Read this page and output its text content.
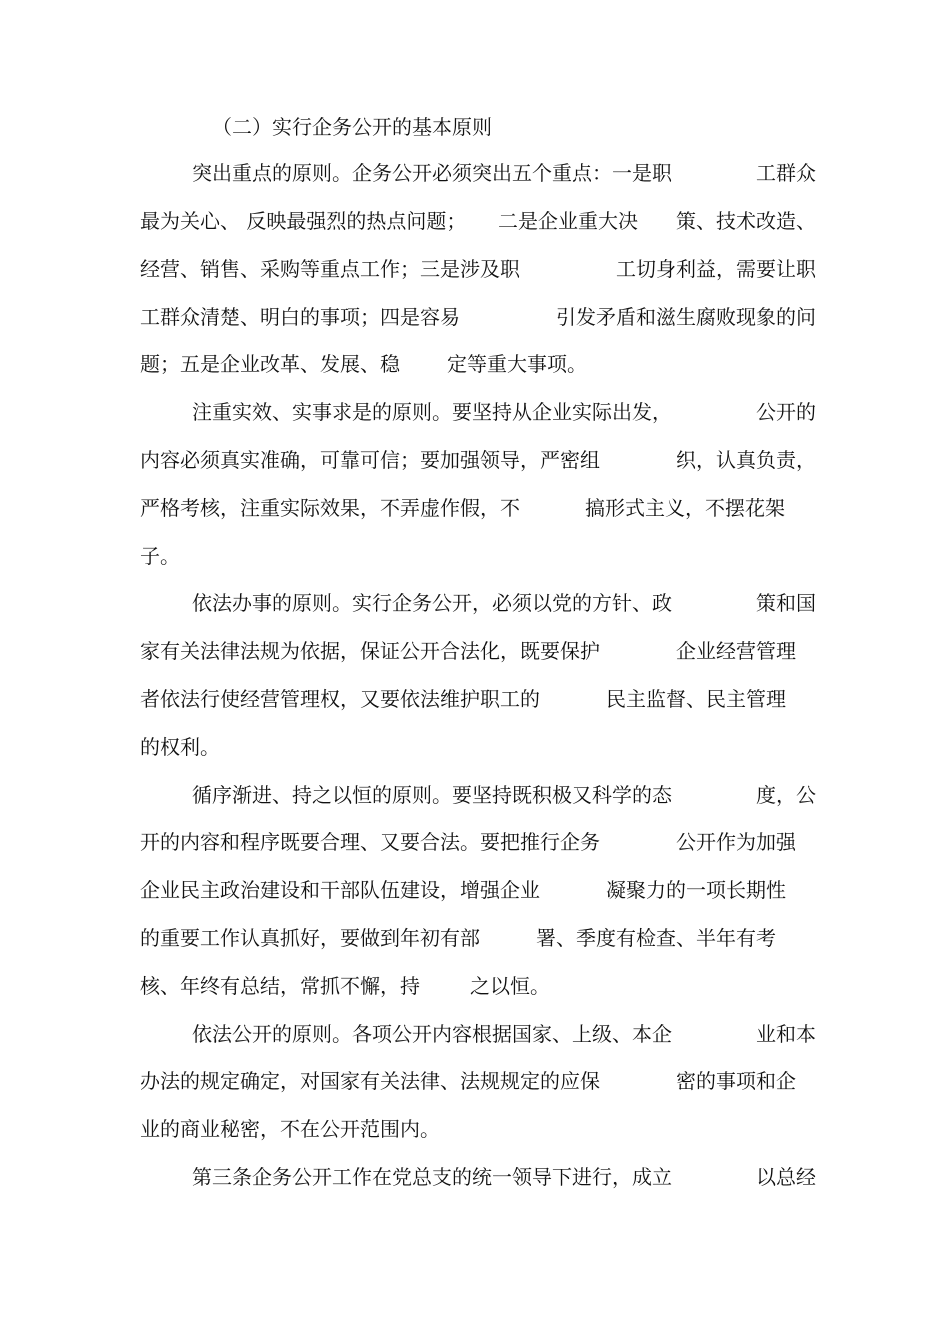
（二）实行企务公开的基本原则
突出重点的原则。企务公开必须突出五个重点：一是职	工群众
最为关心、 反映最强烈的热点问题； 二是企业重大决 策、技术改造、
经营、销售、采购等重点工作；三是涉及职	工切身利益，需要让职
工群众清楚、明白的事项；四是容易	引发矛盾和滋生腐败现象的问
题；五是企业改革、发展、稳 定等重大事项。
注重实效、实事求是的原则。要坚持从企业实际出发，	公开的
内容必须真实准确，可靠可信；要加强领导，严密组	织，认真负责，
严格考核，注重实际效果，不弄虚作假，不	搞形式主义，不摆花架
子。
依法办事的原则。实行企务公开，必须以党的方针、政	策和国
家有关法律法规为依据，保证公开合法化，既要保护	企业经营管理
者依法行使经营管理权，又要依法维护职工的	民主监督、民主管理
的权利。
循序渐进、持之以恒的原则。要坚持既积极又科学的态	度，公
开的内容和程序既要合理、又要合法。要把推行企务	公开作为加强
企业民主政治建设和干部队伍建设，增强企业	凝聚力的一项长期性
的重要工作认真抓好，要做到年初有部	署、季度有检查、半年有考
核、年终有总结，常抓不懈，持	之以恒。
依法公开的原则。各项公开内容根据国家、上级、本企	业和本
办法的规定确定，对国家有关法律、法规规定的应保	密的事项和企
业的商业秘密，不在公开范围内。
第三条企务公开工作在党总支的统一领导下进行，成立	以总经
